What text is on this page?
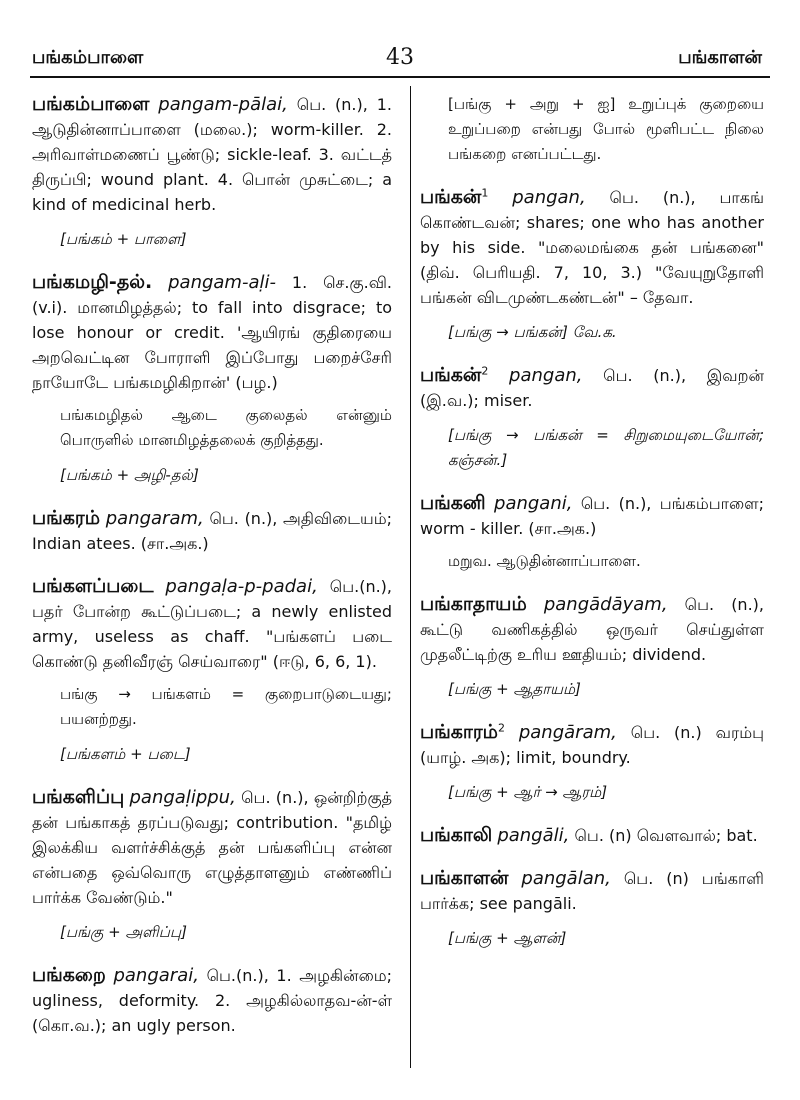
பங்கம்பாளை	43	பங்காளன்
பங்கம்பாளை pangam-pālai, பெ. (n.), 1. ஆடுதின்னாப்பாளை (மலை.); worm-killer. 2. அரிவாள்மணைப் பூண்டு; sickle-leaf. 3. வட்டத் திருப்பி; wound plant. 4. பொன் முசுட்டை; a kind of medicinal herb.
[பங்கம் + பாளை]
பங்கமழி-தல். pangam-aḷi- 1. செ.கு.வி. (v.i). மானமிழத்தல்; to fall into disgrace; to lose honour or credit. 'ஆயிரங் குதிரையை அறவெட்டின போராளி இப்போது பறைச்சேரி நாயோடே பங்கமழிகிறான்' (பழ.)
பங்கமழிதல் ஆடை குலைதல் என்னும் பொருளில் மானமிழத்தலைக் குறித்தது.
[பங்கம் + அழி-தல்]
பங்கரம் pangaram, பெ. (n.), அதிவிடையம்; Indian atees. (சா.அக.)
பங்களப்படை pangaḷa-p-padai, பெ.(n.), பதர் போன்ற கூட்டுப்படை; a newly enlisted army, useless as chaff. "பங்களப் படை கொண்டு தனிவீரஞ் செய்வாரை" (ஈடு, 6, 6, 1).
பங்கு → பங்களம் = குறைபாடுடையது; பயனற்றது.
[பங்களம் + படை]
பங்களிப்பு pangaḷippu, பெ. (n.), ஒன்றிற்குத் தன் பங்காகத் தரப்படுவது; contribution. "தமிழ் இலக்கிய வளர்ச்சிக்குத் தன் பங்களிப்பு என்ன என்பதை ஒவ்வொரு எழுத்தாளனும் எண்ணிப் பார்க்க வேண்டும்."
[பங்கு + அளிப்பு]
பங்கறை pangarai, பெ.(n.), 1. அழகின்மை; ugliness, deformity. 2. அழகில்லாதவ-ன்-ள் (கொ.வ.); an ugly person.
[பங்கு + அறு + ஐ] உறுப்புக் குறையை உறுப்பறை என்பது போல் மூளிபட்ட நிலை பங்கறை எனப்பட்டது.
பங்கன்$^1$ pangan, பெ. (n.), பாகங் கொண்டவன்; shares; one who has another by his side. "மலைமங்கை தன் பங்கனை" (திவ். பெரியதி. 7, 10, 3.) "வேயுறுதோளி பங்கன் விடமுண்டகண்டன்" – தேவா.
[பங்கு → பங்கன்] வே.க.
பங்கன்$^2$ pangan, பெ. (n.), இவறன் (இ.வ.); miser.
[பங்கு → பங்கன் = சிறுமையுடையோன்; கஞ்சன்.]
பங்கனி pangani, பெ. (n.), பங்கம்பாளை; worm - killer. (சா.அக.)
மறுவ. ஆடுதின்னாப்பாளை.
பங்காதாயம் pangādāyam, பெ. (n.), கூட்டு வணிகத்தில் ஒருவர் செய்துள்ள முதலீட்டிற்கு உரிய ஊதியம்; dividend.
[பங்கு + ஆதாயம்]
பங்காரம்$^2$ pangāram, பெ. (n.) வரம்பு (யாழ். அக); limit, boundry.
[பங்கு + ஆர் → ஆரம்]
பங்காலி pangāli, பெ. (n) வௌவால்; bat.
பங்காளன் pangālan, பெ. (n) பங்காளி பார்க்க; see pangāli.
[பங்கு + ஆளன்]
